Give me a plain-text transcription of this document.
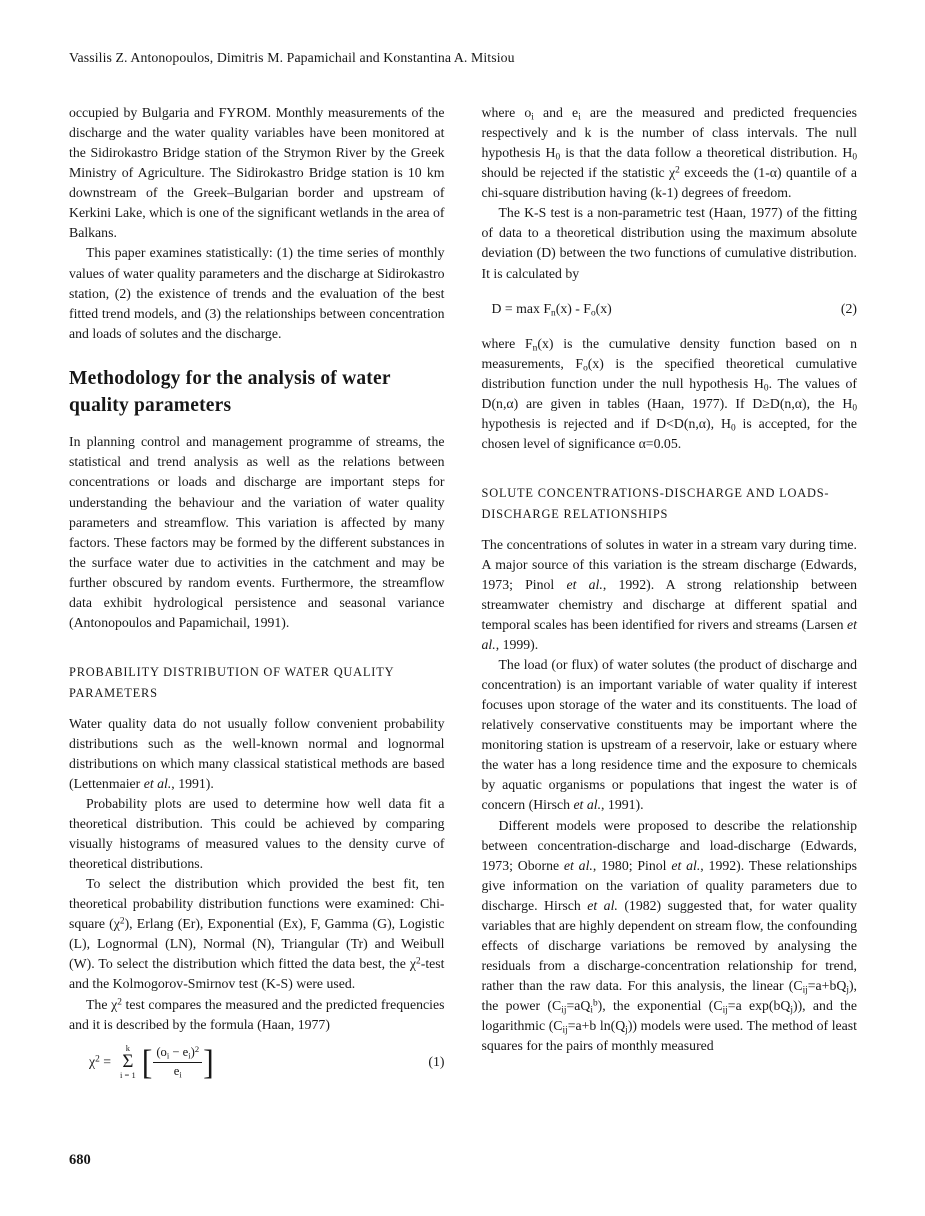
Vassilis Z. Antonopoulos, Dimitris M. Papamichail and Konstantina A. Mitsiou

occupied by Bulgaria and FYROM. Monthly measurements of the discharge and the water quality variables have been monitored at the Sidirokastro Bridge station of the Strymon River by the Greek Ministry of Agriculture. The Sidirokastro Bridge station is 10 km downstream of the Greek–Bulgarian border and upstream of Kerkini Lake, which is one of the significant wetlands in the area of Balkans.

This paper examines statistically: (1) the time series of monthly values of water quality parameters and the discharge at Sidirokastro station, (2) the existence of trends and the evaluation of the best fitted trend models, and (3) the relationships between concentration and loads of solutes and the discharge.

Methodology for the analysis of water quality parameters

In planning control and management programme of streams, the statistical and trend analysis as well as the relations between concentrations or loads and discharge are important steps for understanding the behaviour and the variation of water quality parameters and streamflow. This variation is affected by many factors. These factors may be formed by the different substances in the surface water due to activities in the catchment and may be further obscured by random events. Furthermore, the streamflow data exhibit hydrological persistence and seasonal variance (Antonopoulos and Papamichail, 1991).

PROBABILITY DISTRIBUTION OF WATER QUALITY PARAMETERS

Water quality data do not usually follow convenient probability distributions such as the well-known normal and lognormal distributions on which many classical statistical methods are based (Lettenmaier et al., 1991).

Probability plots are used to determine how well data fit a theoretical distribution. This could be achieved by comparing visually histograms of measured values to the density curve of theoretical distributions.

To select the distribution which provided the best fit, ten theoretical probability distribution functions were examined: Chi-square $(\chi^2)$, Erlang (Er), Exponential (Ex), F, Gamma (G), Logistic (L), Lognormal (LN), Normal (N), Triangular (Tr) and Weibull (W). To select the distribution which fitted the data best, the $\chi^2$-test and the Kolmogorov-Smirnov test (K-S) were used.

The $\chi^2$ test compares the measured and the predicted frequencies and it is described by the formula (Haan, 1977)

$\chi^2$ =
k
Σ
i = 1 [ $\frac{(o_i - e_i)^2}{e_i}$ ]	(1)

where $o_i$ and $e_i$ are the measured and predicted frequencies respectively and k is the number of class intervals. The null hypothesis $H_0$ is that the data follow a theoretical distribution. $H_0$ should be rejected if the statistic $\chi^2$ exceeds the (1-α) quantile of a chi-square distribution having (k-1) degrees of freedom.

The K-S test is a non-parametric test (Haan, 1977) of the fitting of data to a theoretical distribution using the maximum absolute deviation (D) between the two functions of cumulative distribution. It is calculated by

$D = \max F_n(x) - F_o(x)$	(2)

where $F_n(x)$ is the cumulative density function based on n measurements, $F_o(x)$ is the specified theoretical cumulative distribution function under the null hypothesis $H_0$. The values of D(n,α) are given in tables (Haan, 1977). If D≥D(n,α), the $H_0$ hypothesis is rejected and if D<D(n,α), $H_0$ is accepted, for the chosen level of significance α=0.05.

SOLUTE CONCENTRATIONS-DISCHARGE AND LOADS-DISCHARGE RELATIONSHIPS

The concentrations of solutes in water in a stream vary during time. A major source of this variation is the stream discharge (Edwards, 1973; Pinol et al., 1992). A strong relationship between streamwater chemistry and discharge at different spatial and temporal scales has been identified for rivers and streams (Larsen et al., 1999).

The load (or flux) of water solutes (the product of discharge and concentration) is an important variable of water quality if interest focuses upon storage of the water and its constituents. The load of relatively conservative constituents may be important where the monitoring station is upstream of a reservoir, lake or estuary where the water has a long residence time and the exposure to chemicals by aquatic organisms or populations that ingest the water is of concern (Hirsch et al., 1991).

Different models were proposed to describe the relationship between concentration-discharge and load-discharge (Edwards, 1973; Oborne et al., 1980; Pinol et al., 1992). These relationships give information on the variation of quality parameters due to discharge. Hirsch et al. (1982) suggested that, for water quality variables that are highly dependent on stream flow, the confounding effects of discharge variations be removed by analysing the residuals from a discharge-concentration relationship for trend, rather than the raw data. For this analysis, the linear $(C_{ij}=a+bQ_j)$, the power $(C_{ij}=aQ_i^b)$, the exponential ($C_{ij}=a$ $\exp(bQ_j)$), and the logarithmic ($C_{ij}=a+b$ $\ln(Q_j)$) models were used. The method of least squares for the pairs of monthly measured

680
